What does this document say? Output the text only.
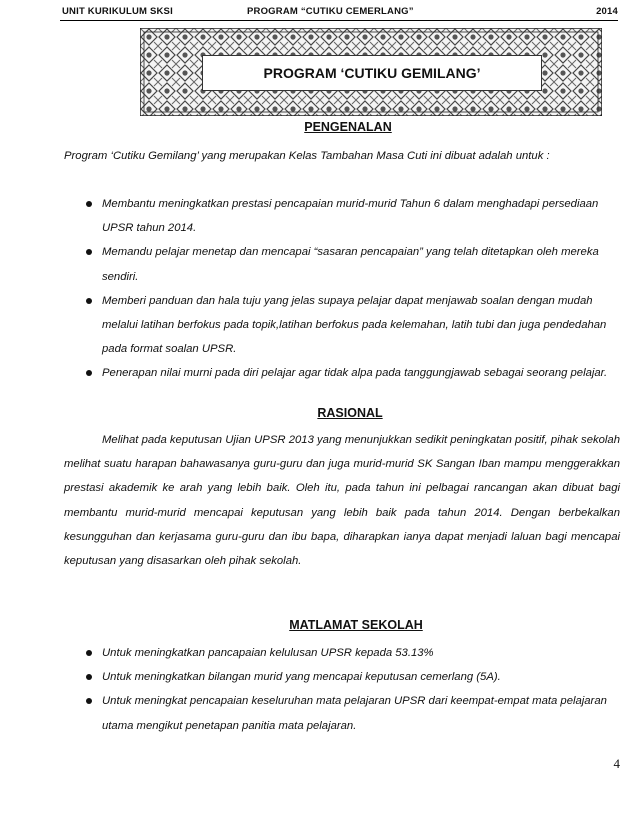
UNIT KURIKULUM SKSI	PROGRAM “CUTIKU CEMERLANG”	2014
PROGRAM ‘CUTIKU GEMILANG’
PENGENALAN
Program ‘Cutiku Gemilang’ yang merupakan Kelas Tambahan Masa Cuti ini dibuat adalah untuk :
Membantu meningkatkan prestasi pencapaian murid-murid Tahun 6 dalam menghadapi persediaan UPSR tahun 2014.
Memandu pelajar menetap dan mencapai “sasaran pencapaian” yang telah ditetapkan oleh mereka sendiri.
Memberi panduan dan hala tuju yang jelas supaya pelajar dapat menjawab soalan dengan mudah melalui latihan berfokus pada topik,latihan berfokus pada kelemahan, latih tubi dan juga pendedahan pada format soalan UPSR.
Penerapan nilai murni pada diri pelajar agar tidak alpa pada tanggungjawab sebagai seorang pelajar.
RASIONAL
Melihat pada keputusan Ujian UPSR 2013 yang menunjukkan sedikit peningkatan positif, pihak sekolah melihat suatu harapan bahawasanya guru-guru dan juga murid-murid SK Sangan Iban mampu menggerakkan prestasi akademik ke arah yang lebih baik. Oleh itu, pada tahun ini pelbagai rancangan akan dibuat bagi membantu murid-murid mencapai keputusan yang lebih baik pada tahun 2014. Dengan berbekalkan kesungguhan dan kerjasama guru-guru dan ibu bapa, diharapkan ianya dapat menjadi laluan bagi mencapai keputusan yang disasarkan oleh pihak sekolah.
MATLAMAT SEKOLAH
Untuk meningkatkan pancapaian kelulusan UPSR kepada 53.13%
Untuk meningkatkan bilangan murid yang mencapai keputusan cemerlang (5A).
Untuk meningkat pencapaian keseluruhan mata pelajaran UPSR dari keempat-empat mata pelajaran utama mengikut penetapan panitia mata pelajaran.
4
